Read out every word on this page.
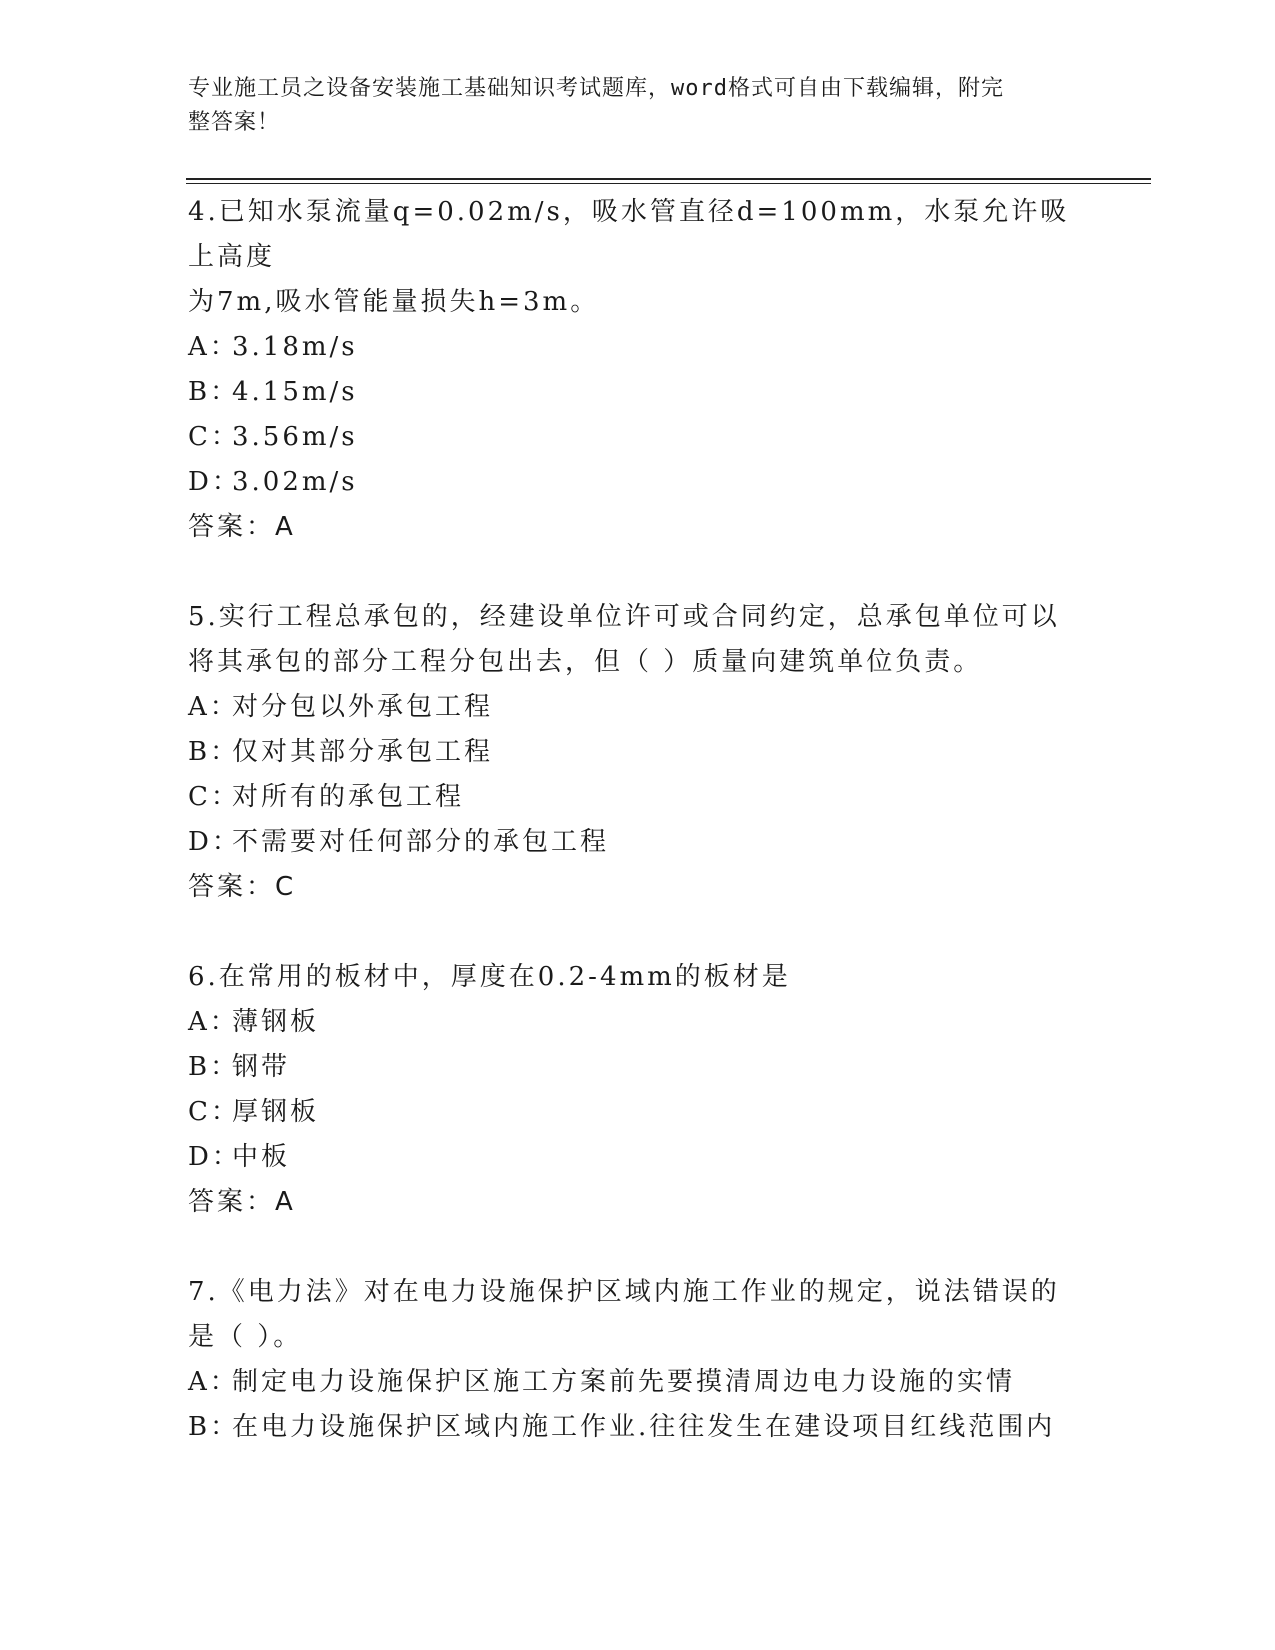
专业施工员之设备安装施工基础知识考试题库，word格式可自由下载编辑，附完
整答案！

4.已知水泵流量q=0.02m/s，吸水管直径d=100mm，水泵允许吸上高度

为7m,吸水管能量损失h=3m。

A：3.18m/s

B：4.15m/s

C：3.56m/s

D：3.02m/s

答案：A

5.实行工程总承包的，经建设单位许可或合同约定，总承包单位可以

将其承包的部分工程分包出去，但（ ）质量向建筑单位负责。

A：对分包以外承包工程

B：仅对其部分承包工程

C：对所有的承包工程

D：不需要对任何部分的承包工程

答案：C

6.在常用的板材中，厚度在0.2-4mm的板材是

A：薄钢板

B：钢带

C：厚钢板

D：中板

答案：A

7.《电力法》对在电力设施保护区域内施工作业的规定，说法错误的

是（ ）。

A：制定电力设施保护区施工方案前先要摸清周边电力设施的实情

B：在电力设施保护区域内施工作业.往往发生在建设项目红线范围内
